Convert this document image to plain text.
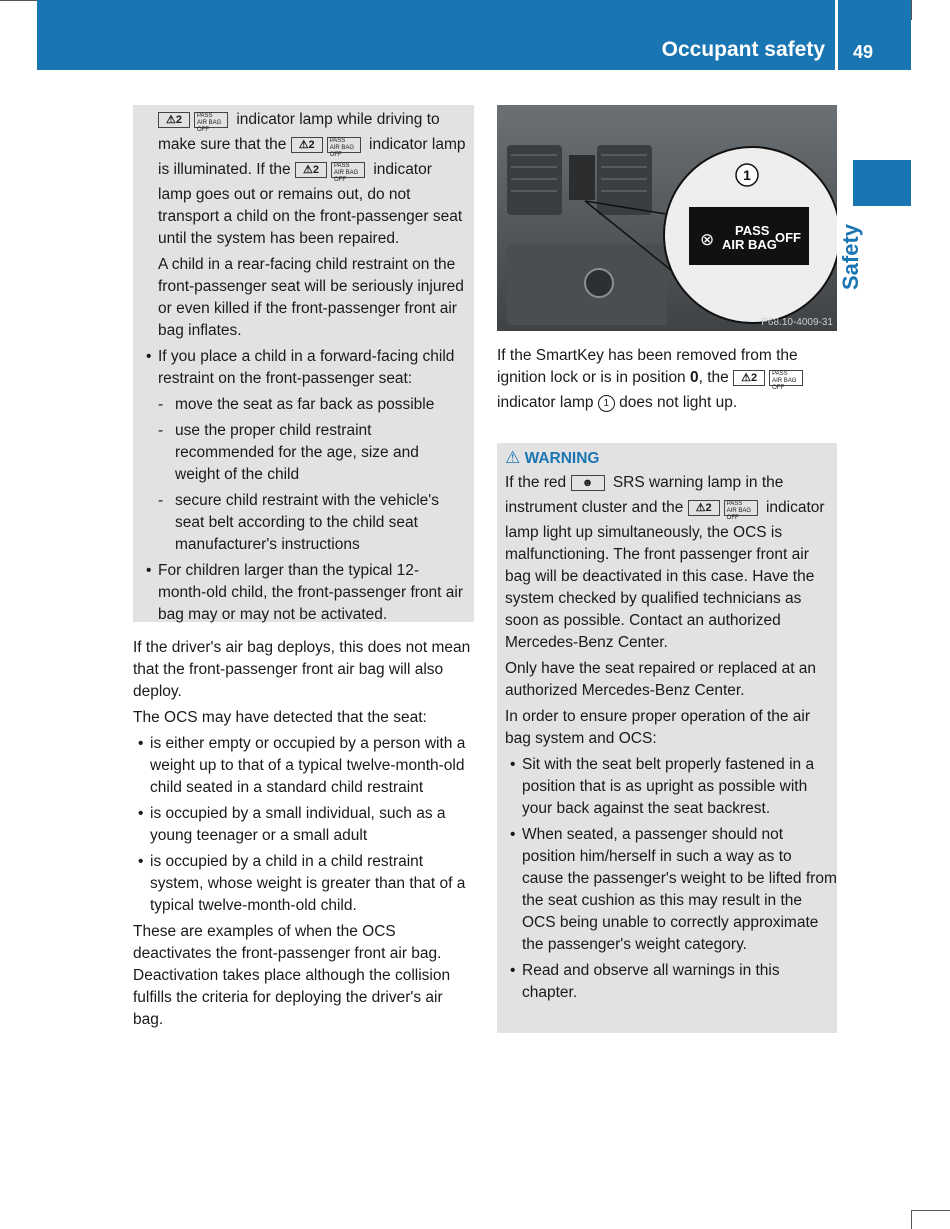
Occupant safety 49
Safety

⚠2	PASS
AIR BAG OFF indicator lamp while driving to make sure that the ⚠2	PASS
AIR BAG OFF indicator lamp is illuminated. If the ⚠2	PASS
AIR BAG OFF indicator lamp goes out or remains out, do not transport a child on the front-passenger seat until the system has been repaired.

A child in a rear-facing child restraint on the front-passenger seat will be seriously injured or even killed if the front-passenger front air bag inflates.

• If you place a child in a forward-facing child restraint on the front-passenger seat:
- move the seat as far back as possible
- use the proper child restraint recommended for the age, size and weight of the child
- secure child restraint with the vehicle's seat belt according to the child seat manufacturer's instructions
• For children larger than the typical 12-month-old child, the front-passenger front air bag may or may not be activated.

If the driver's air bag deploys, this does not mean that the front-passenger front air bag will also deploy.

The OCS may have detected that the seat:

• is either empty or occupied by a person with a weight up to that of a typical twelve-month-old child seated in a standard child restraint
• is occupied by a small individual, such as a young teenager or a small adult
• is occupied by a child in a child restraint system, whose weight is greater than that of a typical twelve-month-old child.

These are examples of when the OCS deactivates the front-passenger front air bag. Deactivation takes place although the collision fulfills the criteria for deploying the driver's air bag.

1
⊗ PASS
AIR BAG
OFF
P68.10-4009-31

If the SmartKey has been removed from the ignition lock or is in position 0, the ⚠2	PASS
AIR BAG OFF indicator lamp 1 does not light up.

⚠ WARNING

If the red ☻ SRS warning lamp in the instrument cluster and the ⚠2	PASS
AIR BAG OFF indicator lamp light up simultaneously, the OCS is malfunctioning. The front passenger front air bag will be deactivated in this case. Have the system checked by qualified technicians as soon as possible. Contact an authorized Mercedes-Benz Center.

Only have the seat repaired or replaced at an authorized Mercedes-Benz Center.

In order to ensure proper operation of the air bag system and OCS:

• Sit with the seat belt properly fastened in a position that is as upright as possible with your back against the seat backrest.
• When seated, a passenger should not position him/herself in such a way as to cause the passenger's weight to be lifted from the seat cushion as this may result in the OCS being unable to correctly approximate the passenger's weight category.
• Read and observe all warnings in this chapter.
